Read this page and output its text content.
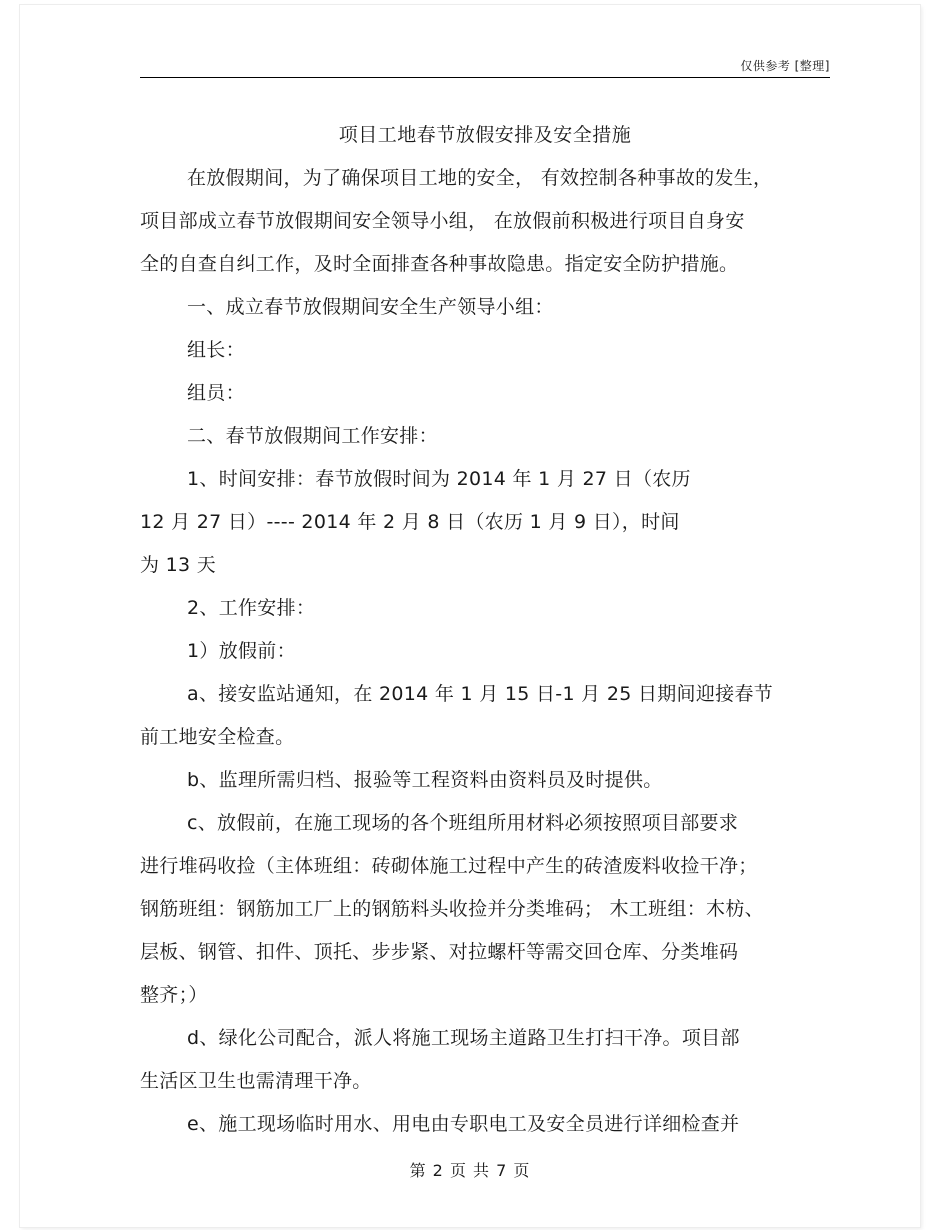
仅供参考 [整理]
项目工地春节放假安排及安全措施
在放假期间，为了确保项目工地的安全， 有效控制各种事故的发生，
项目部成立春节放假期间安全领导小组， 在放假前积极进行项目自身安
全的自查自纠工作，及时全面排查各种事故隐患。指定安全防护措施。
一、成立春节放假期间安全生产领导小组：
组长：
组员：
二、春节放假期间工作安排：
1、时间安排：春节放假时间为 2014 年 1 月 27 日（农历
12 月 27 日）---- 2014 年 2 月 8 日（农历 1 月 9 日），时间
为 13 天
2、工作安排：
1）放假前：
a、接安监站通知，在 2014 年 1 月 15 日-1 月 25 日期间迎接春节
前工地安全检查。
b、监理所需归档、报验等工程资料由资料员及时提供。
c、放假前，在施工现场的各个班组所用材料必须按照项目部要求
进行堆码收捡（主体班组：砖砌体施工过程中产生的砖渣废料收捡干净；
钢筋班组：钢筋加工厂上的钢筋料头收捡并分类堆码； 木工班组：木枋、
层板、钢管、扣件、顶托、步步紧、对拉螺杆等需交回仓库、分类堆码
整齐；）
d、绿化公司配合，派人将施工现场主道路卫生打扫干净。项目部
生活区卫生也需清理干净。
e、施工现场临时用水、用电由专职电工及安全员进行详细检查并
第 2 页 共 7 页
